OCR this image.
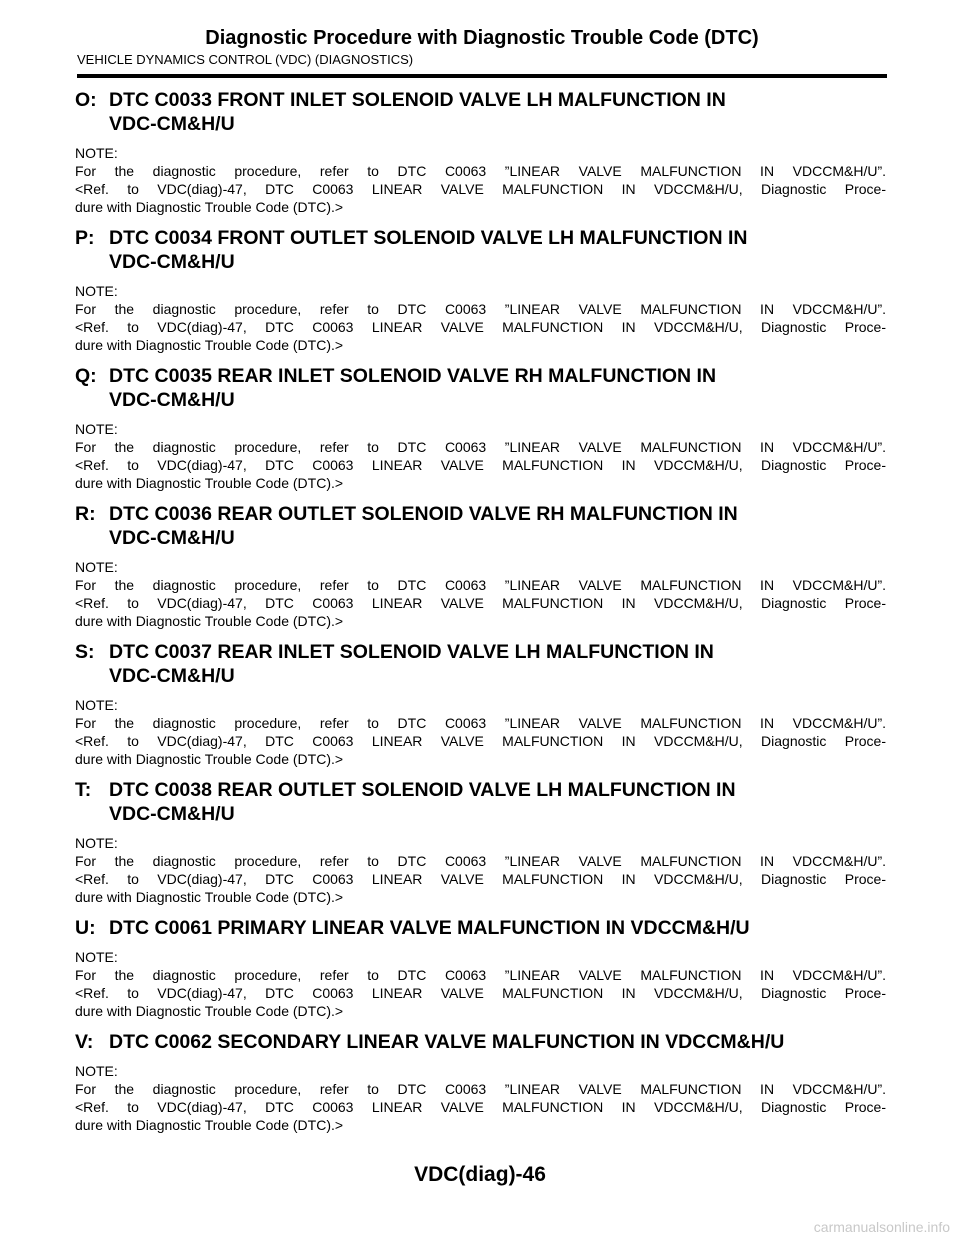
Diagnostic Procedure with Diagnostic Trouble Code (DTC)
VEHICLE DYNAMICS CONTROL (VDC) (DIAGNOSTICS)
O: DTC C0033 FRONT INLET SOLENOID VALVE LH MALFUNCTION IN VDC-CM&H/U
NOTE:
For the diagnostic procedure, refer to DTC C0063 ”LINEAR VALVE MALFUNCTION IN VDCCM&H/U”.
<Ref. to VDC(diag)-47, DTC C0063 LINEAR VALVE MALFUNCTION IN VDCCM&H/U, Diagnostic Proce-
dure with Diagnostic Trouble Code (DTC).>
P: DTC C0034 FRONT OUTLET SOLENOID VALVE LH MALFUNCTION IN VDC-CM&H/U
NOTE:
For the diagnostic procedure, refer to DTC C0063 ”LINEAR VALVE MALFUNCTION IN VDCCM&H/U”.
<Ref. to VDC(diag)-47, DTC C0063 LINEAR VALVE MALFUNCTION IN VDCCM&H/U, Diagnostic Proce-
dure with Diagnostic Trouble Code (DTC).>
Q: DTC C0035 REAR INLET SOLENOID VALVE RH MALFUNCTION IN VDC-CM&H/U
NOTE:
For the diagnostic procedure, refer to DTC C0063 ”LINEAR VALVE MALFUNCTION IN VDCCM&H/U”.
<Ref. to VDC(diag)-47, DTC C0063 LINEAR VALVE MALFUNCTION IN VDCCM&H/U, Diagnostic Proce-
dure with Diagnostic Trouble Code (DTC).>
R: DTC C0036 REAR OUTLET SOLENOID VALVE RH MALFUNCTION IN VDC-CM&H/U
NOTE:
For the diagnostic procedure, refer to DTC C0063 ”LINEAR VALVE MALFUNCTION IN VDCCM&H/U”.
<Ref. to VDC(diag)-47, DTC C0063 LINEAR VALVE MALFUNCTION IN VDCCM&H/U, Diagnostic Proce-
dure with Diagnostic Trouble Code (DTC).>
S: DTC C0037 REAR INLET SOLENOID VALVE LH MALFUNCTION IN VDC-CM&H/U
NOTE:
For the diagnostic procedure, refer to DTC C0063 ”LINEAR VALVE MALFUNCTION IN VDCCM&H/U”.
<Ref. to VDC(diag)-47, DTC C0063 LINEAR VALVE MALFUNCTION IN VDCCM&H/U, Diagnostic Proce-
dure with Diagnostic Trouble Code (DTC).>
T: DTC C0038 REAR OUTLET SOLENOID VALVE LH MALFUNCTION IN VDC-CM&H/U
NOTE:
For the diagnostic procedure, refer to DTC C0063 ”LINEAR VALVE MALFUNCTION IN VDCCM&H/U”.
<Ref. to VDC(diag)-47, DTC C0063 LINEAR VALVE MALFUNCTION IN VDCCM&H/U, Diagnostic Proce-
dure with Diagnostic Trouble Code (DTC).>
U: DTC C0061 PRIMARY LINEAR VALVE MALFUNCTION IN VDCCM&H/U
NOTE:
For the diagnostic procedure, refer to DTC C0063 ”LINEAR VALVE MALFUNCTION IN VDCCM&H/U”.
<Ref. to VDC(diag)-47, DTC C0063 LINEAR VALVE MALFUNCTION IN VDCCM&H/U, Diagnostic Proce-
dure with Diagnostic Trouble Code (DTC).>
V: DTC C0062 SECONDARY LINEAR VALVE MALFUNCTION IN VDCCM&H/U
NOTE:
For the diagnostic procedure, refer to DTC C0063 ”LINEAR VALVE MALFUNCTION IN VDCCM&H/U”.
<Ref. to VDC(diag)-47, DTC C0063 LINEAR VALVE MALFUNCTION IN VDCCM&H/U, Diagnostic Proce-
dure with Diagnostic Trouble Code (DTC).>
VDC(diag)-46
carmanualsonline.info
